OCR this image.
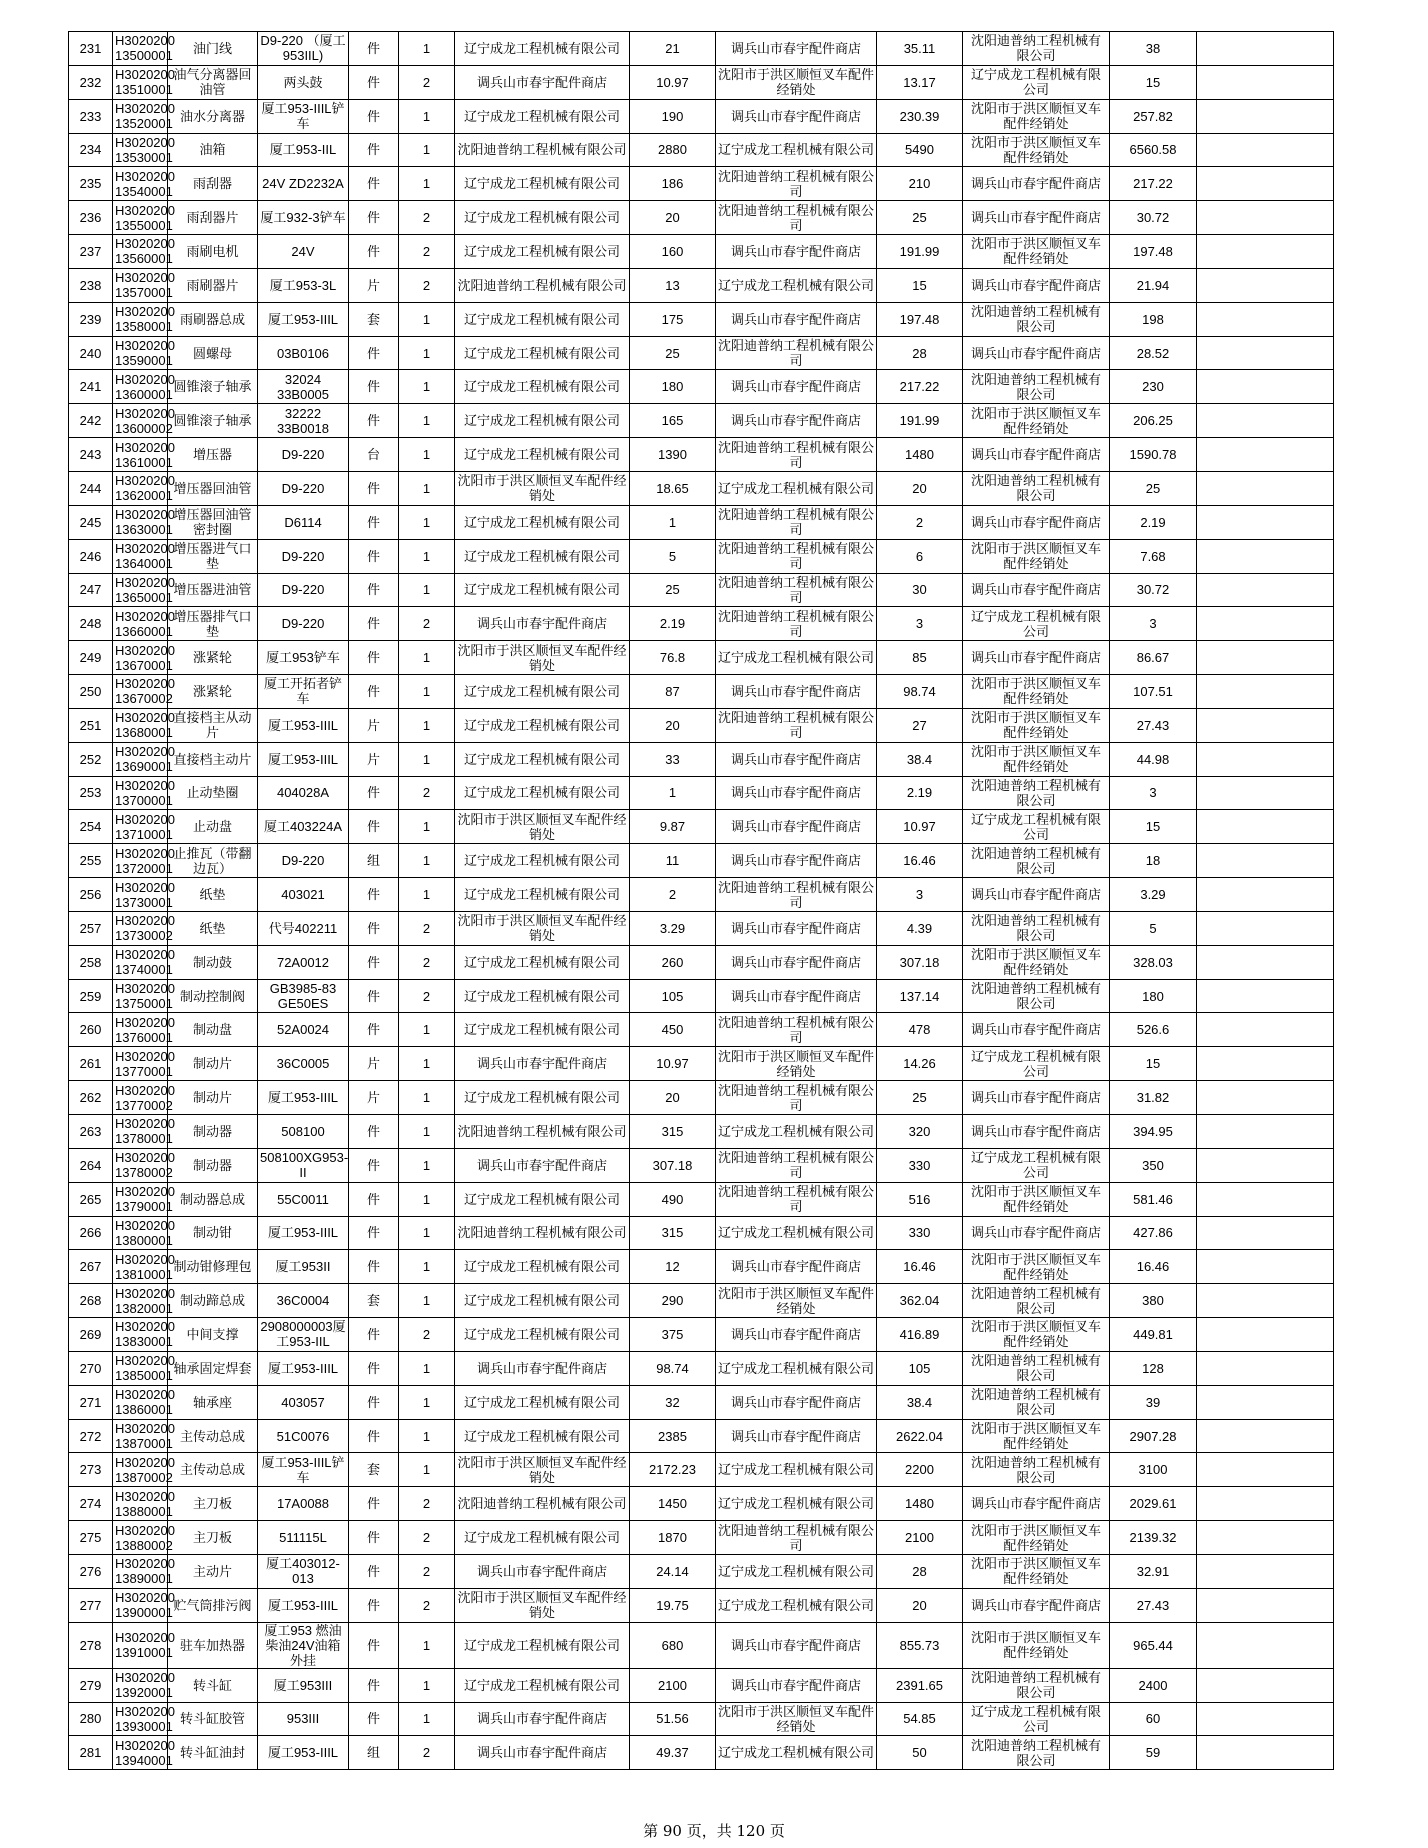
231	H3020200 13500001	油门线	D9-220 （厦工953IIL)	件	1	辽宁成龙工程机械有限公司	21	调兵山市春宇配件商店	35.11	沈阳迪普纳工程机械有限公司	38	
232	H3020200 13510001	油气分离器回油管	两头鼓	件	2	调兵山市春宇配件商店	10.97	沈阳市于洪区顺恒叉车配件经销处	13.17	辽宁成龙工程机械有限公司	15	
233	H3020200 13520001	油水分离器	厦工953-IIIL铲车	件	1	辽宁成龙工程机械有限公司	190	调兵山市春宇配件商店	230.39	沈阳市于洪区顺恒叉车配件经销处	257.82	
234	H3020200 13530001	油箱	厦工953-IIL	件	1	沈阳迪普纳工程机械有限公司	2880	辽宁成龙工程机械有限公司	5490	沈阳市于洪区顺恒叉车配件经销处	6560.58	
235	H3020200 13540001	雨刮器	24V ZD2232A	件	1	辽宁成龙工程机械有限公司	186	沈阳迪普纳工程机械有限公司	210	调兵山市春宇配件商店	217.22	
236	H3020200 13550001	雨刮器片	厦工932-3铲车	件	2	辽宁成龙工程机械有限公司	20	沈阳迪普纳工程机械有限公司	25	调兵山市春宇配件商店	30.72	
237	H3020200 13560001	雨刷电机	24V	件	2	辽宁成龙工程机械有限公司	160	调兵山市春宇配件商店	191.99	沈阳市于洪区顺恒叉车配件经销处	197.48	
238	H3020200 13570001	雨刷器片	厦工953-3L	片	2	沈阳迪普纳工程机械有限公司	13	辽宁成龙工程机械有限公司	15	调兵山市春宇配件商店	21.94	
239	H3020200 13580001	雨刷器总成	厦工953-IIIL	套	1	辽宁成龙工程机械有限公司	175	调兵山市春宇配件商店	197.48	沈阳迪普纳工程机械有限公司	198	
240	H3020200 13590001	圆螺母	03B0106	件	1	辽宁成龙工程机械有限公司	25	沈阳迪普纳工程机械有限公司	28	调兵山市春宇配件商店	28.52	
241	H3020200 13600001	圆锥滚子轴承	32024 33B0005	件	1	辽宁成龙工程机械有限公司	180	调兵山市春宇配件商店	217.22	沈阳迪普纳工程机械有限公司	230	
242	H3020200 13600002	圆锥滚子轴承	32222 33B0018	件	1	辽宁成龙工程机械有限公司	165	调兵山市春宇配件商店	191.99	沈阳市于洪区顺恒叉车配件经销处	206.25	
243	H3020200 13610001	增压器	D9-220	台	1	辽宁成龙工程机械有限公司	1390	沈阳迪普纳工程机械有限公司	1480	调兵山市春宇配件商店	1590.78	
244	H3020200 13620001	增压器回油管	D9-220	件	1	沈阳市于洪区顺恒叉车配件经销处	18.65	辽宁成龙工程机械有限公司	20	沈阳迪普纳工程机械有限公司	25	
245	H3020200 13630001	增压器回油管密封圈	D6114	件	1	辽宁成龙工程机械有限公司	1	沈阳迪普纳工程机械有限公司	2	调兵山市春宇配件商店	2.19	
246	H3020200 13640001	增压器进气口垫	D9-220	件	1	辽宁成龙工程机械有限公司	5	沈阳迪普纳工程机械有限公司	6	沈阳市于洪区顺恒叉车配件经销处	7.68	
247	H3020200 13650001	增压器进油管	D9-220	件	1	辽宁成龙工程机械有限公司	25	沈阳迪普纳工程机械有限公司	30	调兵山市春宇配件商店	30.72	
248	H3020200 13660001	增压器排气口垫	D9-220	件	2	调兵山市春宇配件商店	2.19	沈阳迪普纳工程机械有限公司	3	辽宁成龙工程机械有限公司	3	
249	H3020200 13670001	涨紧轮	厦工953铲车	件	1	沈阳市于洪区顺恒叉车配件经销处	76.8	辽宁成龙工程机械有限公司	85	调兵山市春宇配件商店	86.67	
250	H3020200 13670002	涨紧轮	厦工开拓者铲车	件	1	辽宁成龙工程机械有限公司	87	调兵山市春宇配件商店	98.74	沈阳市于洪区顺恒叉车配件经销处	107.51	
251	H3020200 13680001	直接档主从动片	厦工953-IIIL	片	1	辽宁成龙工程机械有限公司	20	沈阳迪普纳工程机械有限公司	27	沈阳市于洪区顺恒叉车配件经销处	27.43	
252	H3020200 13690001	直接档主动片	厦工953-IIIL	片	1	辽宁成龙工程机械有限公司	33	调兵山市春宇配件商店	38.4	沈阳市于洪区顺恒叉车配件经销处	44.98	
253	H3020200 13700001	止动垫圈	404028A	件	2	辽宁成龙工程机械有限公司	1	调兵山市春宇配件商店	2.19	沈阳迪普纳工程机械有限公司	3	
254	H3020200 13710001	止动盘	厦工403224A	件	1	沈阳市于洪区顺恒叉车配件经销处	9.87	调兵山市春宇配件商店	10.97	辽宁成龙工程机械有限公司	15	
255	H3020200 13720001	止推瓦（带翻边瓦）	D9-220	组	1	辽宁成龙工程机械有限公司	11	调兵山市春宇配件商店	16.46	沈阳迪普纳工程机械有限公司	18	
256	H3020200 13730001	纸垫	403021	件	1	辽宁成龙工程机械有限公司	2	沈阳迪普纳工程机械有限公司	3	调兵山市春宇配件商店	3.29	
257	H3020200 13730002	纸垫	代号402211	件	2	沈阳市于洪区顺恒叉车配件经销处	3.29	调兵山市春宇配件商店	4.39	沈阳迪普纳工程机械有限公司	5	
258	H3020200 13740001	制动鼓	72A0012	件	2	辽宁成龙工程机械有限公司	260	调兵山市春宇配件商店	307.18	沈阳市于洪区顺恒叉车配件经销处	328.03	
259	H3020200 13750001	制动控制阀	GB3985-83 GE50ES	件	2	辽宁成龙工程机械有限公司	105	调兵山市春宇配件商店	137.14	沈阳迪普纳工程机械有限公司	180	
260	H3020200 13760001	制动盘	52A0024	件	1	辽宁成龙工程机械有限公司	450	沈阳迪普纳工程机械有限公司	478	调兵山市春宇配件商店	526.6	
261	H3020200 13770001	制动片	36C0005	片	1	调兵山市春宇配件商店	10.97	沈阳市于洪区顺恒叉车配件经销处	14.26	辽宁成龙工程机械有限公司	15	
262	H3020200 13770002	制动片	厦工953-IIIL	片	1	辽宁成龙工程机械有限公司	20	沈阳迪普纳工程机械有限公司	25	调兵山市春宇配件商店	31.82	
263	H3020200 13780001	制动器	508100	件	1	沈阳迪普纳工程机械有限公司	315	辽宁成龙工程机械有限公司	320	调兵山市春宇配件商店	394.95	
264	H3020200 13780002	制动器	508100XG953-II	件	1	调兵山市春宇配件商店	307.18	沈阳迪普纳工程机械有限公司	330	辽宁成龙工程机械有限公司	350	
265	H3020200 13790001	制动器总成	55C0011	件	1	辽宁成龙工程机械有限公司	490	沈阳迪普纳工程机械有限公司	516	沈阳市于洪区顺恒叉车配件经销处	581.46	
266	H3020200 13800001	制动钳	厦工953-IIIL	件	1	沈阳迪普纳工程机械有限公司	315	辽宁成龙工程机械有限公司	330	调兵山市春宇配件商店	427.86	
267	H3020200 13810001	制动钳修理包	厦工953II	件	1	辽宁成龙工程机械有限公司	12	调兵山市春宇配件商店	16.46	沈阳市于洪区顺恒叉车配件经销处	16.46	
268	H3020200 13820001	制动蹄总成	36C0004	套	1	辽宁成龙工程机械有限公司	290	沈阳市于洪区顺恒叉车配件经销处	362.04	沈阳迪普纳工程机械有限公司	380	
269	H3020200 13830001	中间支撑	2908000003厦工953-IIL	件	2	辽宁成龙工程机械有限公司	375	调兵山市春宇配件商店	416.89	沈阳市于洪区顺恒叉车配件经销处	449.81	
270	H3020200 13850001	轴承固定焊套	厦工953-IIIL	件	1	调兵山市春宇配件商店	98.74	辽宁成龙工程机械有限公司	105	沈阳迪普纳工程机械有限公司	128	
271	H3020200 13860001	轴承座	403057	件	1	辽宁成龙工程机械有限公司	32	调兵山市春宇配件商店	38.4	沈阳迪普纳工程机械有限公司	39	
272	H3020200 13870001	主传动总成	51C0076	件	1	辽宁成龙工程机械有限公司	2385	调兵山市春宇配件商店	2622.04	沈阳市于洪区顺恒叉车配件经销处	2907.28	
273	H3020200 13870002	主传动总成	厦工953-IIIL铲车	套	1	沈阳市于洪区顺恒叉车配件经销处	2172.23	辽宁成龙工程机械有限公司	2200	沈阳迪普纳工程机械有限公司	3100	
274	H3020200 13880001	主刀板	17A0088	件	2	沈阳迪普纳工程机械有限公司	1450	辽宁成龙工程机械有限公司	1480	调兵山市春宇配件商店	2029.61	
275	H3020200 13880002	主刀板	511115L	件	2	辽宁成龙工程机械有限公司	1870	沈阳迪普纳工程机械有限公司	2100	沈阳市于洪区顺恒叉车配件经销处	2139.32	
276	H3020200 13890001	主动片	厦工403012-013	件	2	调兵山市春宇配件商店	24.14	辽宁成龙工程机械有限公司	28	沈阳市于洪区顺恒叉车配件经销处	32.91	
277	H3020200 13900001	贮气筒排污阀	厦工953-IIIL	件	2	沈阳市于洪区顺恒叉车配件经销处	19.75	辽宁成龙工程机械有限公司	20	调兵山市春宇配件商店	27.43	
278	H3020200 13910001	驻车加热器	厦工953 燃油柴油24V油箱外挂	件	1	辽宁成龙工程机械有限公司	680	调兵山市春宇配件商店	855.73	沈阳市于洪区顺恒叉车配件经销处	965.44	
279	H3020200 13920001	转斗缸	厦工953III	件	1	辽宁成龙工程机械有限公司	2100	调兵山市春宇配件商店	2391.65	沈阳迪普纳工程机械有限公司	2400	
280	H3020200 13930001	转斗缸胶管	953III	件	1	调兵山市春宇配件商店	51.56	沈阳市于洪区顺恒叉车配件经销处	54.85	辽宁成龙工程机械有限公司	60	
281	H3020200 13940001	转斗缸油封	厦工953-IIIL	组	2	调兵山市春宇配件商店	49.37	辽宁成龙工程机械有限公司	50	沈阳迪普纳工程机械有限公司	59	
第 90 页，共 120 页
